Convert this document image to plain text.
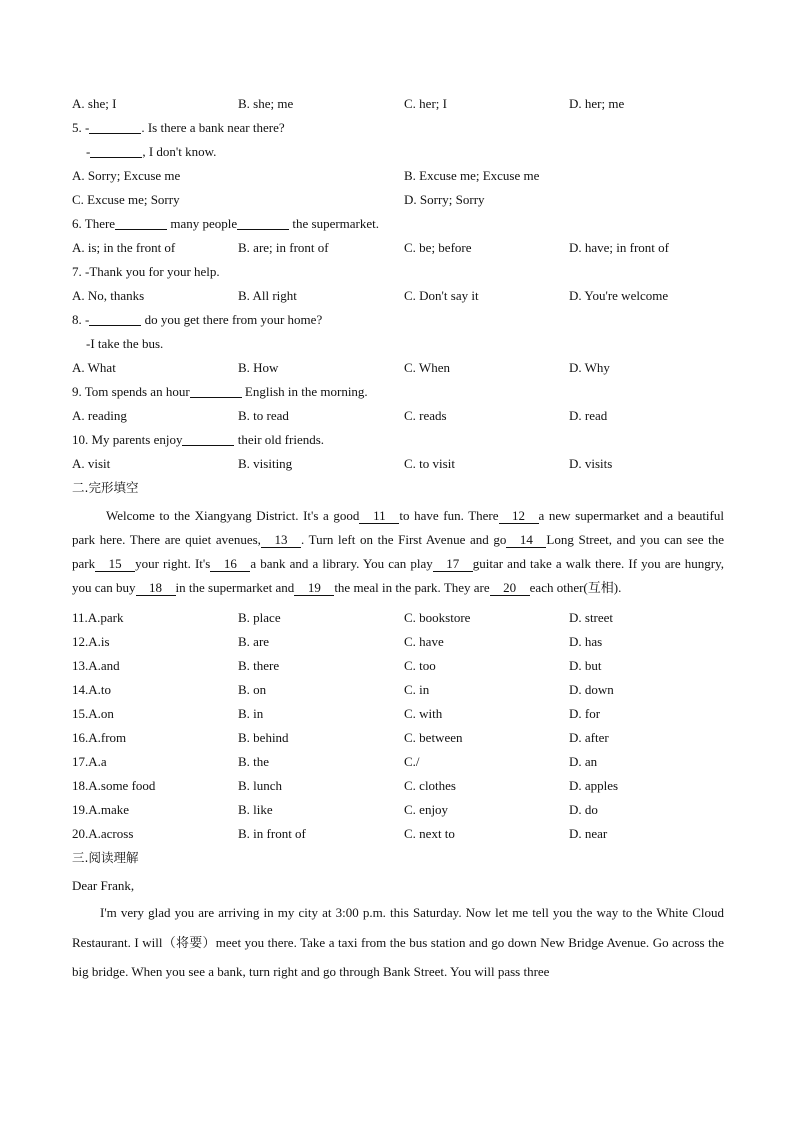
A. she; I	B. she; me	C. her; I	D. her; me
5. -	. Is there a bank near there?
-	, I don't know.
A. Sorry; Excuse me	B. Excuse me; Excuse me
C. Excuse me; Sorry	D. Sorry; Sorry
6. There	many people	the supermarket.
A. is; in the front of	B. are; in front of	C. be; before	D. have; in front of
7. -Thank you for your help.
A. No, thanks	B. All right	C. Don't say it	D. You're welcome
8. -	do you get there from your home?
-I take the bus.
A. What	B. How	C. When	D. Why
9. Tom spends an hour	English in the morning.
A. reading	B. to read	C. reads	D. read
10. My parents enjoy	their old friends.
A. visit	B. visiting	C. to visit	D. visits
二.完形填空
Welcome to the Xiangyang District. It's a good 11 to have fun. There 12 a new supermarket and a beautiful park here. There are quiet avenues, 13 . Turn left on the First Avenue and go 14 Long Street, and you can see the park 15 your right. It's 16 a bank and a library. You can play 17 guitar and take a walk there. If you are hungry, you can buy 18 in the supermarket and 19 the meal in the park. They are 20 each other(互相).
11.A.park	B. place	C. bookstore	D. street
12.A.is	B. are	C. have	D. has
13.A.and	B. there	C. too	D. but
14.A.to	B. on	C. in	D. down
15.A.on	B. in	C. with	D. for
16.A.from	B. behind	C. between	D. after
17.A.a	B. the	C./	D. an
18.A.some food	B. lunch	C. clothes	D. apples
19.A.make	B. like	C. enjoy	D. do
20.A.across	B. in front of	C. next to	D. near
三.阅读理解
Dear Frank,
I'm very glad you are arriving in my city at 3:00 p.m. this Saturday. Now let me tell you the way to the White Cloud Restaurant. I will（将要）meet you there. Take a taxi from the bus station and go down New Bridge Avenue. Go across the big bridge. When you see a bank, turn right and go through Bank Street. You will pass three
